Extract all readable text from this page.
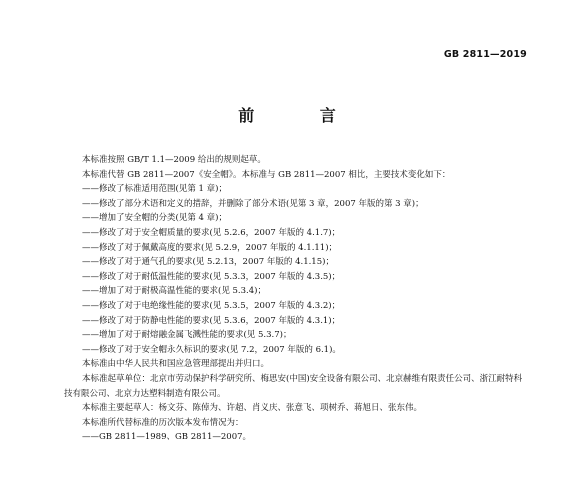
GB 2811—2019
前 言
本标准按照 GB/T 1.1—2009 给出的规则起草。
本标准代替 GB 2811—2007《安全帽》。本标准与 GB 2811—2007 相比，主要技术变化如下：
——修改了标准适用范围(见第 1 章)；
——修改了部分术语和定义的措辞，并删除了部分术语(见第 3 章，2007 年版的第 3 章)；
——增加了安全帽的分类(见第 4 章)；
——修改了对于安全帽质量的要求(见 5.2.6，2007 年版的 4.1.7)；
——修改了对于佩戴高度的要求(见 5.2.9，2007 年版的 4.1.11)；
——修改了对于通气孔的要求(见 5.2.13，2007 年版的 4.1.15)；
——修改了对于耐低温性能的要求(见 5.3.3，2007 年版的 4.3.5)；
——增加了对于耐极高温性能的要求(见 5.3.4)；
——修改了对于电绝缘性能的要求(见 5.3.5，2007 年版的 4.3.2)；
——修改了对于防静电性能的要求(见 5.3.6，2007 年版的 4.3.1)；
——增加了对于耐熔融金属飞溅性能的要求(见 5.3.7)；
——修改了对于安全帽永久标识的要求(见 7.2，2007 年版的 6.1)。
本标准由中华人民共和国应急管理部提出并归口。
本标准起草单位：北京市劳动保护科学研究所、梅思安(中国)安全设备有限公司、北京赫维有限责任公司、浙江耐特科技有限公司、北京力达塑料制造有限公司。
本标准主要起草人：杨文芬、陈倬为、许超、肖义庆、张意飞、项树乔、蒋旭日、张东伟。
本标准所代替标准的历次版本发布情况为：
——GB 2811—1989、GB 2811—2007。
